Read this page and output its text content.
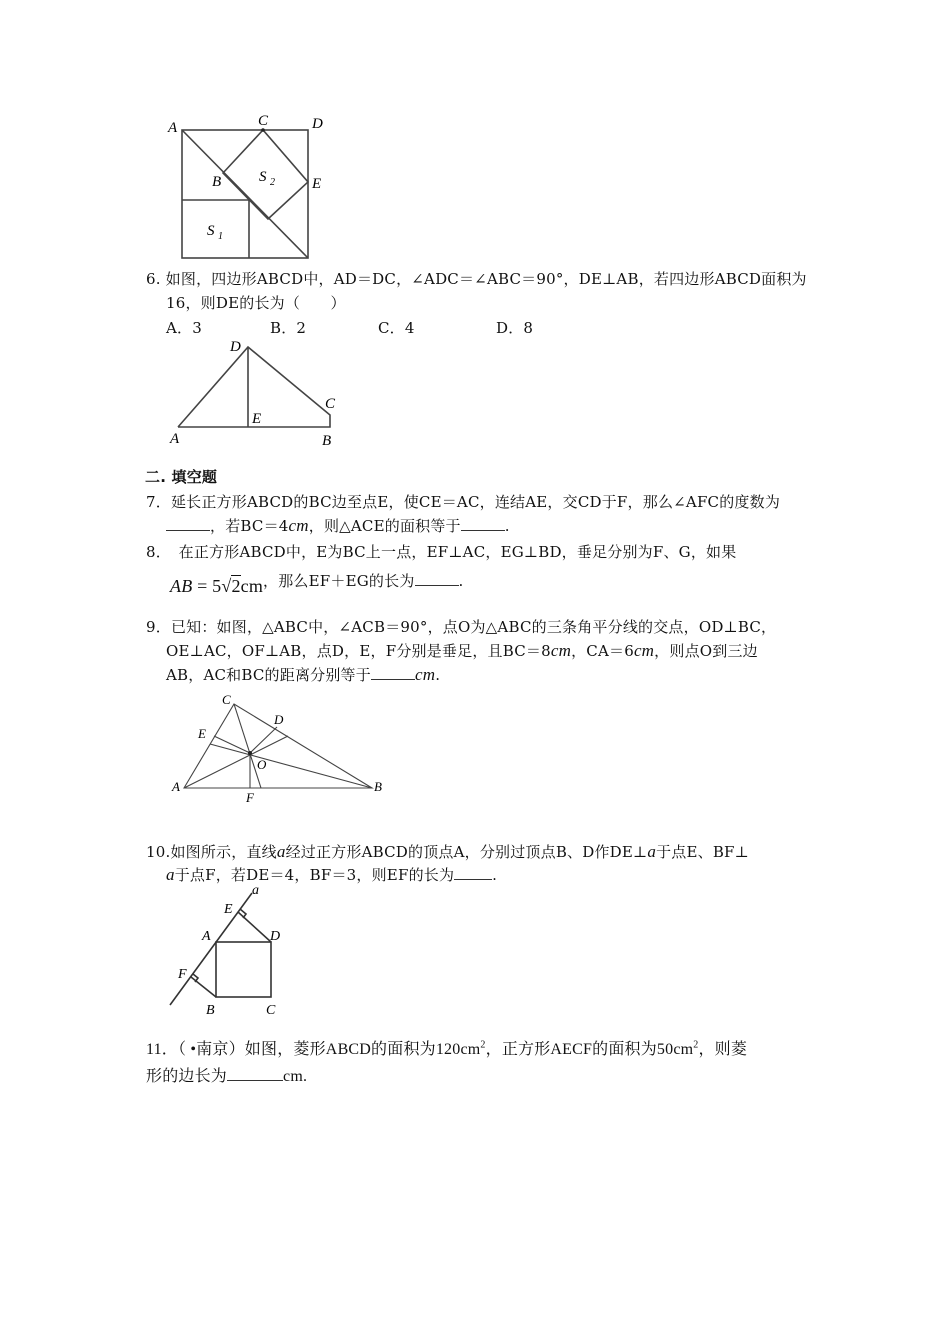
A	C	D
B	E
S 2
S 1
6. 如图，四边形ABCD中，AD＝DC，∠ADC＝∠ABC＝90°，DE⊥AB，若四边形ABCD面积为
16，则DE的长为（　　）
A．3	B．2	C．4	D．8
D
E
C
A	B
二. 填空题
7．延长正方形ABCD的BC边至点E，使CE＝AC，连结AE，交CD于F，那么∠AFC的度数为
，若BC＝4cm，则△ACE的面积等于	.
8．　在正方形ABCD中，E为BC上一点，EF⊥AC，EG⊥BD，垂足分别为F、G，如果
AB = 5√2cm，那么EF＋EG的长为	.
9．已知：如图，△ABC中，∠ACB＝90°，点O为△ABC的三条角平分线的交点，OD⊥BC，
OE⊥AC，OF⊥AB，点D，E，F分别是垂足，且BC＝8cm，CA＝6cm，则点O到三边
AB，AC和BC的距离分别等于	cm.
C
D
E
O
A
F
B
10.如图所示，直线a经过正方形ABCD的顶点A，分别过顶点B、D作DE⊥a于点E、BF⊥
a于点F，若DE＝4，BF＝3，则EF的长为	.
a
E
A	D
F
B	C
11．（ •南京）如图，菱形ABCD的面积为$120cm^2$，正方形AECF的面积为$50cm^2$，则菱
形的边长为	cm.
